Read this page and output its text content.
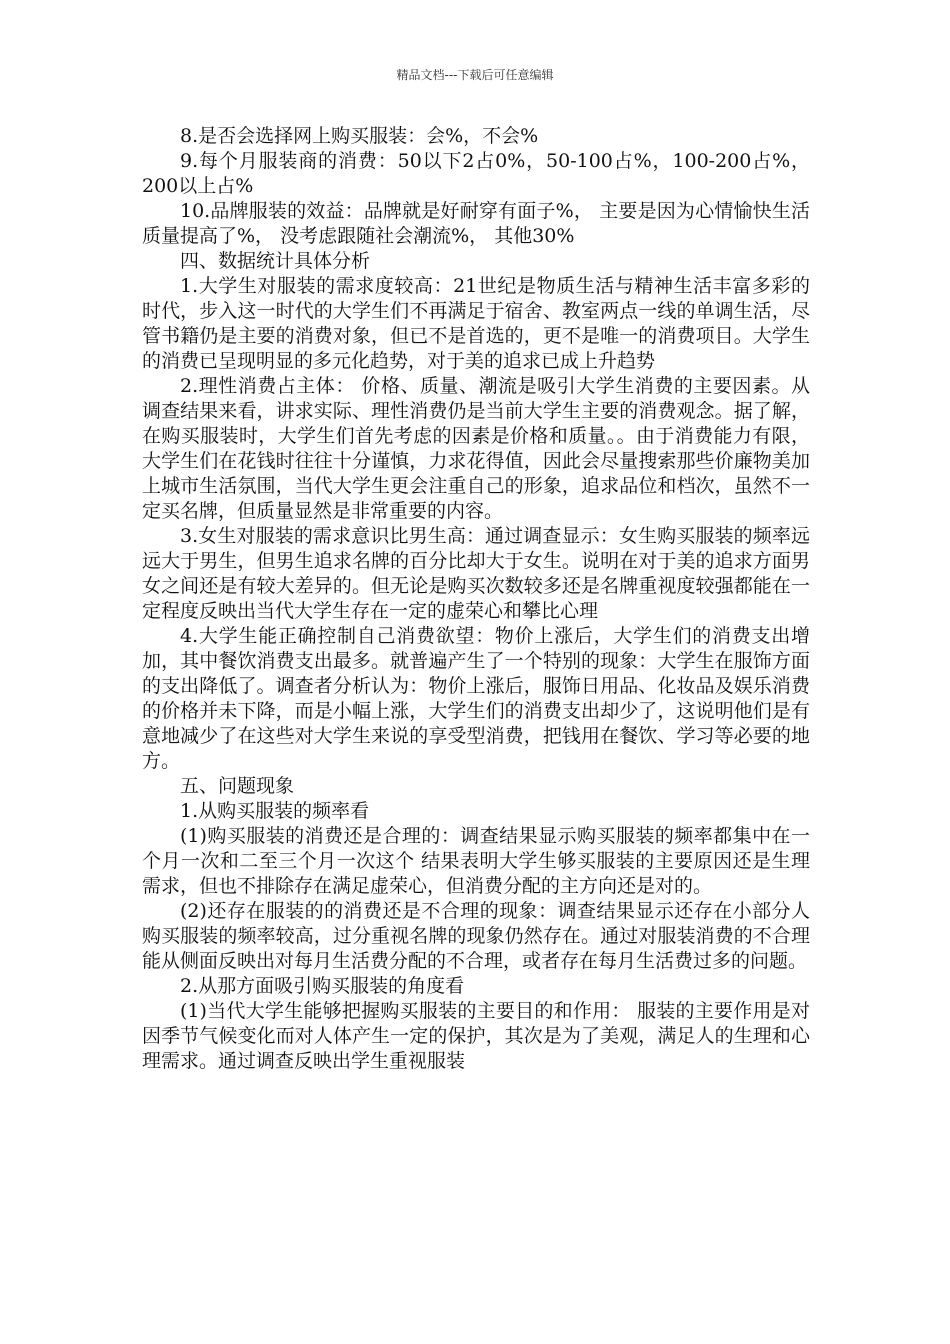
精品文档---下载后可任意编辑

8.是否会选择网上购买服装：会%，不会%

9.每个月服装商的消费：50以下2占0%，50-100占%，100-200占%，200以上占%

10.品牌服装的效益：品牌就是好耐穿有面子%， 主要是因为心情愉快生活质量提高了%， 没考虑跟随社会潮流%， 其他30%

四、数据统计具体分析

1.大学生对服装的需求度较高：21世纪是物质生活与精神生活丰富多彩的时代，步入这一时代的大学生们不再满足于宿舍、教室两点一线的单调生活，尽管书籍仍是主要的消费对象，但已不是首选的，更不是唯一的消费项目。大学生的消费已呈现明显的多元化趋势，对于美的追求已成上升趋势

2.理性消费占主体： 价格、质量、潮流是吸引大学生消费的主要因素。从调查结果来看，讲求实际、理性消费仍是当前大学生主要的消费观念。据了解，在购买服装时，大学生们首先考虑的因素是价格和质量。。由于消费能力有限，大学生们在花钱时往往十分谨慎，力求花得值，因此会尽量搜索那些价廉物美加上城市生活氛围，当代大学生更会注重自己的形象，追求品位和档次，虽然不一定买名牌，但质量显然是非常重要的内容。

3.女生对服装的需求意识比男生高：通过调查显示：女生购买服装的频率远远大于男生，但男生追求名牌的百分比却大于女生。说明在对于美的追求方面男女之间还是有较大差异的。但无论是购买次数较多还是名牌重视度较强都能在一定程度反映出当代大学生存在一定的虚荣心和攀比心理

4.大学生能正确控制自己消费欲望：物价上涨后，大学生们的消费支出增加，其中餐饮消费支出最多。就普遍产生了一个特别的现象：大学生在服饰方面的支出降低了。调查者分析认为：物价上涨后，服饰日用品、化妆品及娱乐消费的价格并未下降，而是小幅上涨，大学生们的消费支出却少了，这说明他们是有意地减少了在这些对大学生来说的享受型消费，把钱用在餐饮、学习等必要的地方。

五、问题现象

1.从购买服装的频率看

(1)购买服装的消费还是合理的：调查结果显示购买服装的频率都集中在一个月一次和二至三个月一次这个 结果表明大学生够买服装的主要原因还是生理需求，但也不排除存在满足虚荣心，但消费分配的主方向还是对的。

(2)还存在服装的的消费还是不合理的现象：调查结果显示还存在小部分人购买服装的频率较高，过分重视名牌的现象仍然存在。通过对服装消费的不合理能从侧面反映出对每月生活费分配的不合理，或者存在每月生活费过多的问题。

2.从那方面吸引购买服装的角度看

(1)当代大学生能够把握购买服装的主要目的和作用： 服装的主要作用是对因季节气候变化而对人体产生一定的保护，其次是为了美观，满足人的生理和心理需求。通过调查反映出学生重视服装
